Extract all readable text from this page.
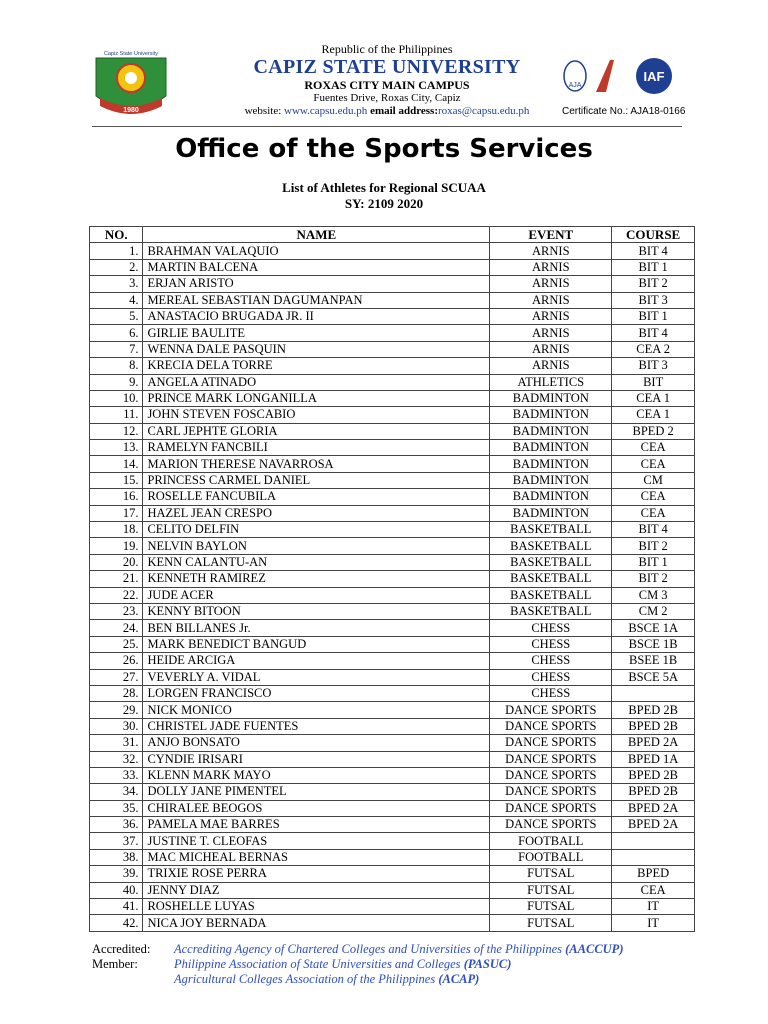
Capiz State University
1980
Republic of the Philippines
CAPIZ STATE UNIVERSITY
ROXAS CITY MAIN CAMPUS
Fuentes Drive, Roxas City, Capiz
website: www.capsu.edu.ph email address:roxas@capsu.edu.ph
AJA
IAF
Certificate No.: AJA18-0166
Office of the Sports Services
List of Athletes for Regional SCUAA
SY: 2109 2020
NO.	NAME	EVENT	COURSE
1.	BRAHMAN VALAQUIO	ARNIS	BIT 4
2.	MARTIN BALCENA	ARNIS	BIT 1
3.	ERJAN ARISTO	ARNIS	BIT 2
4.	MEREAL SEBASTIAN DAGUMANPAN	ARNIS	BIT 3
5.	ANASTACIO BRUGADA JR. II	ARNIS	BIT 1
6.	GIRLIE BAULITE	ARNIS	BIT 4
7.	WENNA DALE PASQUIN	ARNIS	CEA 2
8.	KRECIA DELA TORRE	ARNIS	BIT 3
9.	ANGELA ATINADO	ATHLETICS	BIT
10.	PRINCE MARK LONGANILLA	BADMINTON	CEA 1
11.	JOHN STEVEN FOSCABIO	BADMINTON	CEA 1
12.	CARL JEPHTE GLORIA	BADMINTON	BPED 2
13.	RAMELYN FANCBILI	BADMINTON	CEA
14.	MARION THERESE NAVARROSA	BADMINTON	CEA
15.	PRINCESS CARMEL DANIEL	BADMINTON	CM
16.	ROSELLE FANCUBILA	BADMINTON	CEA
17.	HAZEL JEAN CRESPO	BADMINTON	CEA
18.	CELITO DELFIN	BASKETBALL	BIT 4
19.	NELVIN BAYLON	BASKETBALL	BIT 2
20.	KENN CALANTU-AN	BASKETBALL	BIT 1
21.	KENNETH RAMIREZ	BASKETBALL	BIT 2
22.	JUDE ACER	BASKETBALL	CM 3
23.	KENNY BITOON	BASKETBALL	CM 2
24.	BEN BILLANES Jr.	CHESS	BSCE 1A
25.	MARK BENEDICT BANGUD	CHESS	BSCE 1B
26.	HEIDE ARCIGA	CHESS	BSEE 1B
27.	VEVERLY A. VIDAL	CHESS	BSCE 5A
28.	LORGEN FRANCISCO	CHESS	
29.	NICK MONICO	DANCE SPORTS	BPED 2B
30.	CHRISTEL JADE FUENTES	DANCE SPORTS	BPED 2B
31.	ANJO BONSATO	DANCE SPORTS	BPED 2A
32.	CYNDIE IRISARI	DANCE SPORTS	BPED 1A
33.	KLENN MARK MAYO	DANCE SPORTS	BPED 2B
34.	DOLLY JANE PIMENTEL	DANCE SPORTS	BPED 2B
35.	CHIRALEE BEOGOS	DANCE SPORTS	BPED 2A
36.	PAMELA MAE BARRES	DANCE SPORTS	BPED 2A
37.	JUSTINE T. CLEOFAS	FOOTBALL	
38.	MAC MICHEAL BERNAS	FOOTBALL	
39.	TRIXIE ROSE PERRA	FUTSAL	BPED
40.	JENNY DIAZ	FUTSAL	CEA
41.	ROSHELLE LUYAS	FUTSAL	IT
42.	NICA JOY BERNADA	FUTSAL	IT
Accredited: Accrediting Agency of Chartered Colleges and Universities of the Philippines (AACCUP)
Member:	Philippine Association of State Universities and Colleges (PASUC)
Agricultural Colleges Association of the Philippines (ACAP)
